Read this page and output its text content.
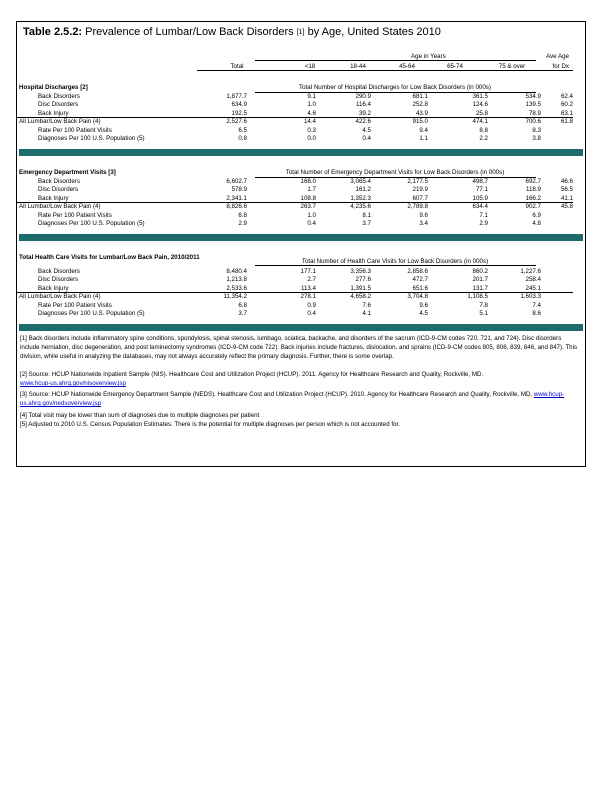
Table 2.5.2: Prevalence of Lumbar/Low Back Disorders [1] by Age, United States 2010
Age in Years	Ave Age
for Dx
Total	<18	18-44	45-64	65-74	75 & over
Hospital Discharges [2]	Total Number of Hospital Discharges for Low Back Disorders (in 000s)
Back Disorders	1,877.7	9.1	290.9	681.1	361.5	534.9	62.4
Disc Disorders	634.9	1.0	116.4	252.8	124.6	139.5	60.2
Back Injury	192.5	4.6	39.2	43.9	25.8	78.9	63.1
All Lumbar/Low Back Pain (4)	2,527.6	14.4	422.6	915.0	474.1	700.6	61.8
Rate Per 100 Patient Visits	6.5	0.3	4.5	9.4	8.8	8.3
Diagnoses Per 100 U.S. Population (5)	0.8	0.0	0.4	1.1	2.2	3.8
Emergency Department Visits [3]	Total Number of Emergency Department Visits for Low Back Disorders (in 000s)
Back Disorders	6,602.7	168.0	3,065.4	2,177.5	498.7	692.7	46.6
Disc Disorders	578.9	1.7	161.2	219.9	77.1	118.9	56.5
Back Injury	2,341.1	108.8	1,352.3	607.7	105.9	166.2	41.1
All Lumbar/Low Back Pain (4)	8,826.6	263.7	4,235.6	2,789.8	634.4	902.7	45.8
Rate Per 100 Patient Visits	6.8	1.0	8.1	9.6	7.1	6.9
Diagnoses Per 100 U.S. Population (5)	2.9	0.4	3.7	3.4	2.9	4.8
Total Health Care Visits for Lumbar/Low Back Pain, 2010/2011
Total Number of Health Care Visits for Low Back Disorders (in 000s)
Back Disorders	8,480.4	177.1	3,356.3	2,858.6	860.2	1,227.6
Disc Disorders	1,213.8	2.7	277.6	472.7	201.7	258.4
Back Injury	2,533.6	113.4	1,391.5	651.6	131.7	245.1
All Lumbar/Low Back Pain (4)	11,354.2	278.1	4,658.2	3,704.8	1,108.5	1,603.3
Rate Per 100 Patient Visits	6.8	0.9	7.6	9.6	7.8	7.4
Diagnoses Per 100 U.S. Population (5)	3.7	0.4	4.1	4.5	5.1	8.6
[1] Back disorders include inflammatory spine conditions, spondylosis, spinal stenosis, lumbago, sciatica, backache, and disorders of the sacrum (ICD-9-CM codes 720, 721, and 724). Disc disorders include herniation, disc degeneration, and post laminectomy syndromes (ICD-9-CM code 722). Back injuries include fractures, dislocation, and sprains (ICD-9-CM codes 805, 806, 839, 846, and 847). This division, while useful in analyzing the databases, may not always accurately reflect the primary diagnosis. Further, there is some overlap.
[2] Source: HCUP Nationwide Inpatient Sample (NIS). Healthcare Cost and Utilization Project (HCUP). 2011. Agency for Healthcare Research and Quality, Rockville, MD.
www.hcup-us.ahrq.gov/nisoverview.jsp
[3] Source: HCUP Nationwide Emergency Department Sample (NEDS). Healthcare Cost and Utilization Project (HCUP). 2010. Agency for Healthcare Research and Quality, Rockville, MD. www.hcup-us.ahrq.gov/nedsoverview.jsp
[4] Total visit may be lower than sum of diagnoses due to multiple diagnoses per patient
[5] Adjusted to 2010 U.S. Census Population Estimates. There is the potential for multiple diagnoses per person which is not accounted for.
